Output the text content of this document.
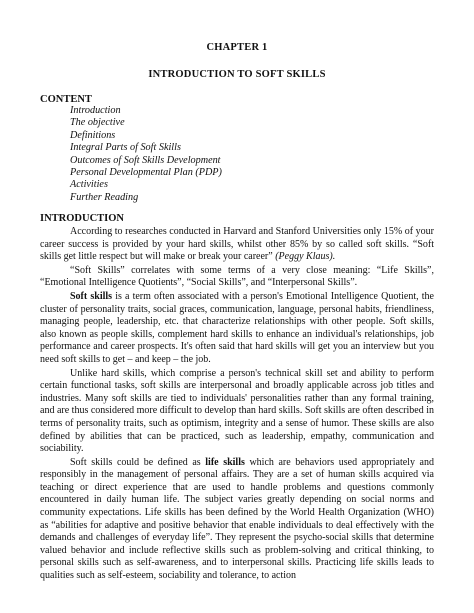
CHAPTER 1
INTRODUCTION TO SOFT SKILLS
CONTENT
Introduction
The objective
Definitions
Integral Parts of Soft Skills
Outcomes of Soft Skills Development
Personal Developmental Plan (PDP)
Activities
Further Reading
INTRODUCTION

According to researches conducted in Harvard and Stanford Universities only 15% of your career success is provided by your hard skills, whilst other 85% by so called soft skills. “Soft skills get little respect but will make or break your career” (Peggy Klaus).

“Soft Skills” correlates with some terms of a very close meaning: “Life Skills”, “Emotional Intelligence Quotients”, “Social Skills”, and “Interpersonal Skills”.

Soft skills is a term often associated with a person's Emotional Intelligence Quotient, the cluster of personality traits, social graces, communication, language, personal habits, friendliness, managing people, leadership, etc. that characterize relationships with other people. Soft skills, also known as people skills, complement hard skills to enhance an individual's relationships, job performance and career prospects. It's often said that hard skills will get you an interview but you need soft skills to get – and keep – the job.

Unlike hard skills, which comprise a person's technical skill set and ability to perform certain functional tasks, soft skills are interpersonal and broadly applicable across job titles and industries. Many soft skills are tied to individuals' personalities rather than any formal training, and are thus considered more difficult to develop than hard skills. Soft skills are often described in terms of personality traits, such as optimism, integrity and a sense of humor. These skills are also defined by abilities that can be practiced, such as leadership, empathy, communication and sociability.

Soft skills could be defined as life skills which are behaviors used appropriately and responsibly in the management of personal affairs. They are a set of human skills acquired via teaching or direct experience that are used to handle problems and questions commonly encountered in daily human life. The subject varies greatly depending on social norms and community expectations. Life skills has been defined by the World Health Organization (WHO) as “abilities for adaptive and positive behavior that enable individuals to deal effectively with the demands and challenges of everyday life”. They represent the psycho-social skills that determine valued behavior and include reflective skills such as problem-solving and critical thinking, to personal skills such as self-awareness, and to interpersonal skills. Practicing life skills leads to qualities such as self-esteem, sociability and tolerance, to action
